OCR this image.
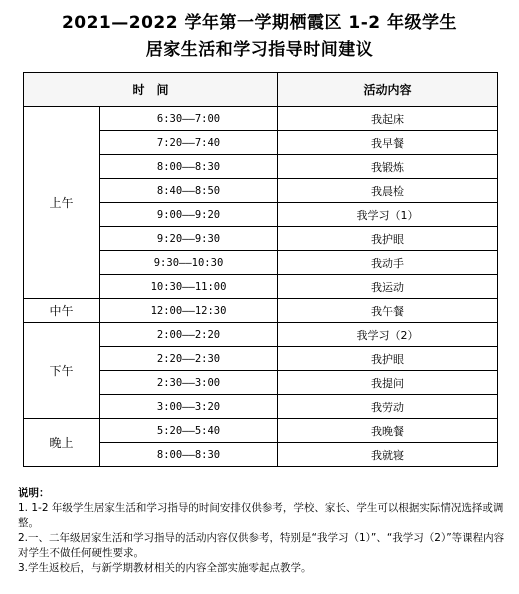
2021—2022 学年第一学期栖霞区 1-2 年级学生
居家生活和学习指导时间建议
时　间		活动内容
上午	6:30——7:00	我起床
	7:20——7:40	我早餐
	8:00——8:30	我锻炼
	8:40——8:50	我晨检
	9:00——9:20	我学习（1）
	9:20——9:30	我护眼
	9:30——10:30	我动手
	10:30——11:00	我运动
中午	12:00——12:30	我午餐
下午	2:00——2:20	我学习（2）
	2:20——2:30	我护眼
	2:30——3:00	我提问
	3:00——3:20	我劳动
晚上	5:20——5:40	我晚餐
	8:00——8:30	我就寝

说明：

1. 1-2 年级学生居家生活和学习指导的时间安排仅供参考，学校、家长、学生可以根据实际情况选择或调整。

2.一、二年级居家生活和学习指导的活动内容仅供参考，特别是“我学习（1）”、“我学习（2）”等课程内容对学生不做任何硬性要求。

3.学生返校后，与新学期教材相关的内容全部实施零起点教学。
